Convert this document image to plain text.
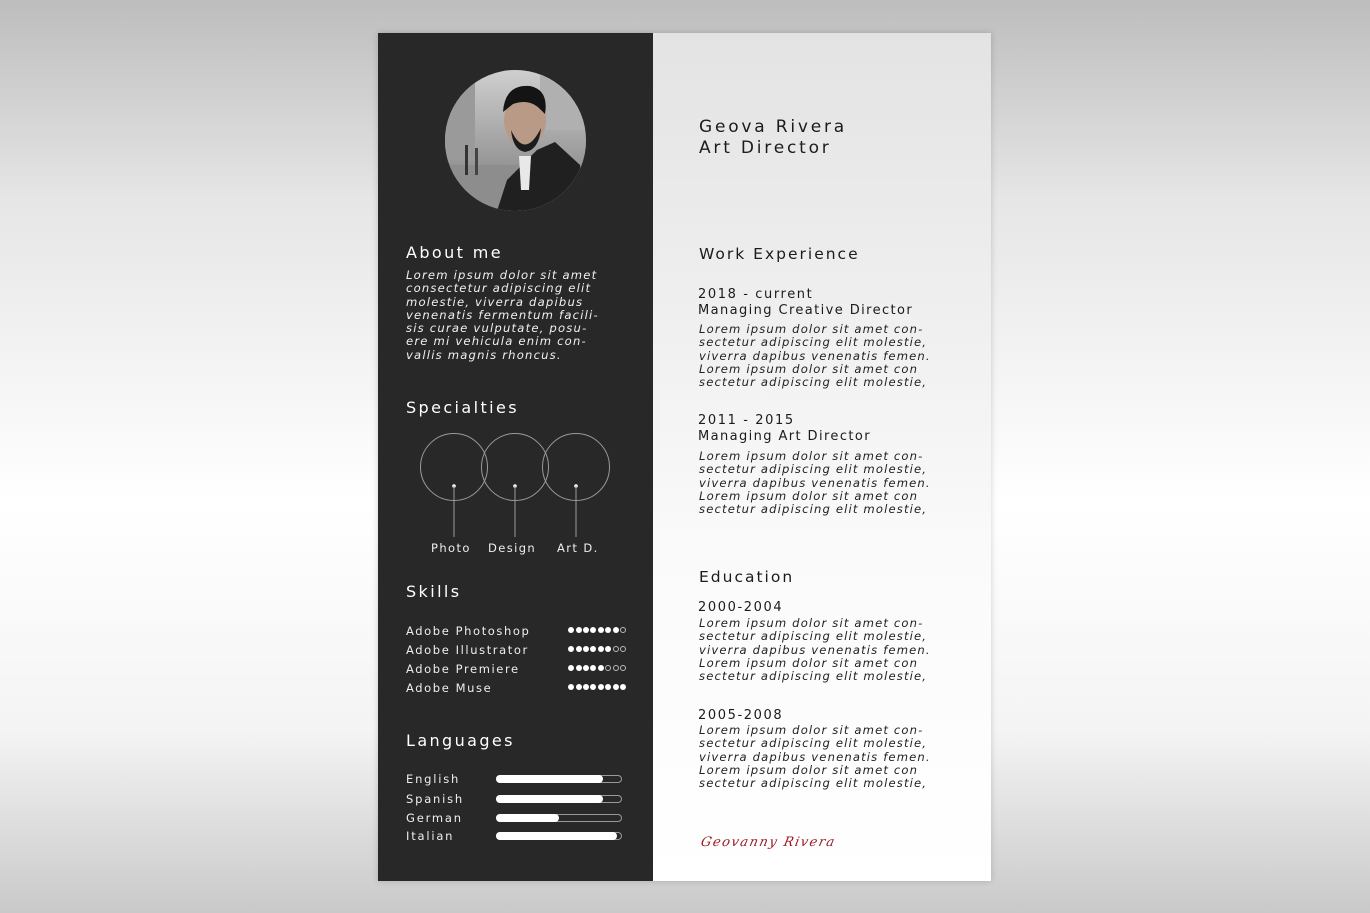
About me
Lorem ipsum dolor sit amet
consectetur adipiscing elit
molestie, viverra dapibus
venenatis fermentum facili-
sis curae vulputate, posu-
ere mi vehicula enim con-
vallis magnis rhoncus.
Specialties
Photo Design Art D.
Skills
Adobe Photoshop
Adobe Illustrator
Adobe Premiere
Adobe Muse
Languages
English
Spanish
German
Italian
Geova Rivera
Art Director
Work Experience
2018 - current
Managing Creative Director
Lorem ipsum dolor sit amet con-
sectetur adipiscing elit molestie,
viverra dapibus venenatis femen.
Lorem ipsum dolor sit amet con
sectetur adipiscing elit molestie,
2011 - 2015
Managing Art Director
Lorem ipsum dolor sit amet con-
sectetur adipiscing elit molestie,
viverra dapibus venenatis femen.
Lorem ipsum dolor sit amet con
sectetur adipiscing elit molestie,
Education
2000-2004
Lorem ipsum dolor sit amet con-
sectetur adipiscing elit molestie,
viverra dapibus venenatis femen.
Lorem ipsum dolor sit amet con
sectetur adipiscing elit molestie,
2005-2008
Lorem ipsum dolor sit amet con-
sectetur adipiscing elit molestie,
viverra dapibus venenatis femen.
Lorem ipsum dolor sit amet con
sectetur adipiscing elit molestie,
Geovanny Rivera
